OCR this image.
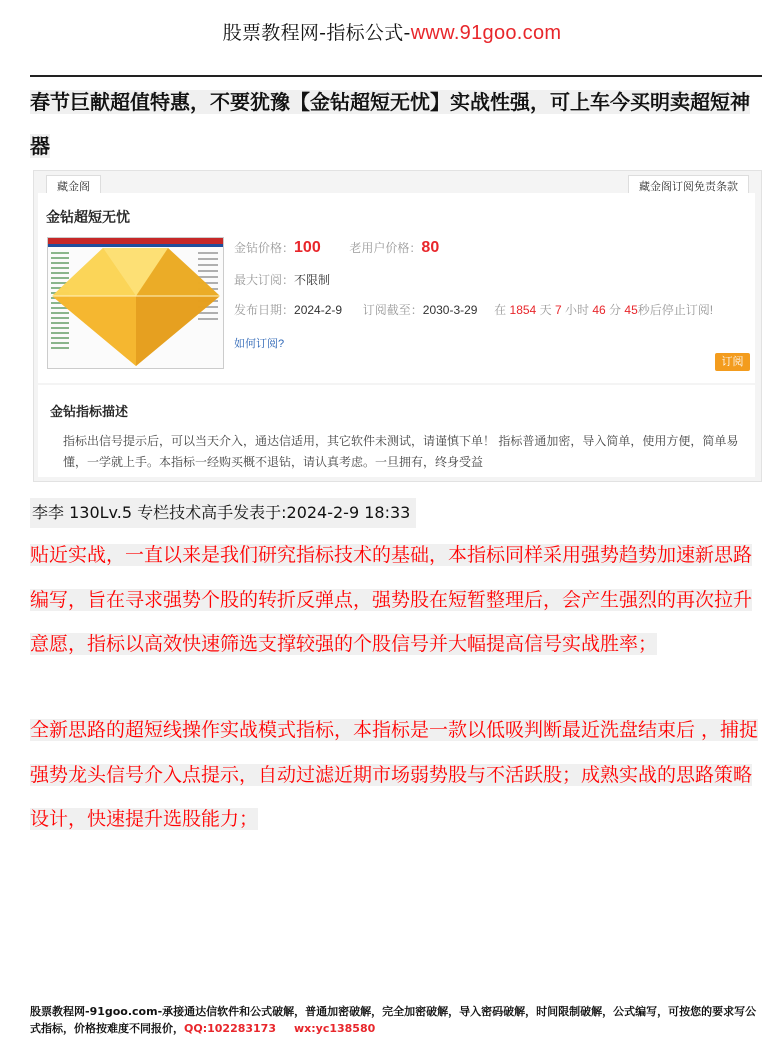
股票教程网-指标公式-www.91goo.com
春节巨献超值特惠，不要犹豫【金钻超短无忧】实战性强，可上车今买明卖超短神器
藏金阁	藏金阁订阅免责条款
金钻超短无忧
金钻价格：100 老用户价格：80
最大订阅：不限制
发布日期：2024-2-9 订阅截至：2030-3-29 在 1854 天 7 小时 46 分 45秒后停止订阅!
如何订阅?
订阅
金钻指标描述
指标出信号提示后，可以当天介入，通达信适用，其它软件未测试，请谨慎下单！ 指标普通加密，导入简单，使用方便，简单易懂，一学就上手。本指标一经购买概不退钻，请认真考虑。一旦拥有，终身受益
李李 130Lv.5 专栏技术高手发表于:2024-2-9 18:33
贴近实战，一直以来是我们研究指标技术的基础，本指标同样采用强势趋势加速新思路编写，旨在寻求强势个股的转折反弹点，强势股在短暂整理后，会产生强烈的再次拉升意愿，指标以高效快速筛选支撑较强的个股信号并大幅提高信号实战胜率；
全新思路的超短线操作实战模式指标，本指标是一款以低吸判断最近洗盘结束后 ，捕捉强势龙头信号介入点提示，自动过滤近期市场弱势股与不活跃股；成熟实战的思路策略设计，快速提升选股能力；
股票教程网-91goo.com-承接通达信软件和公式破解，普通加密破解，完全加密破解，导入密码破解，时间限制破解，公式编写，可按您的要求写公式指标，价格按难度不同报价，QQ:102283173 wx:yc138580
